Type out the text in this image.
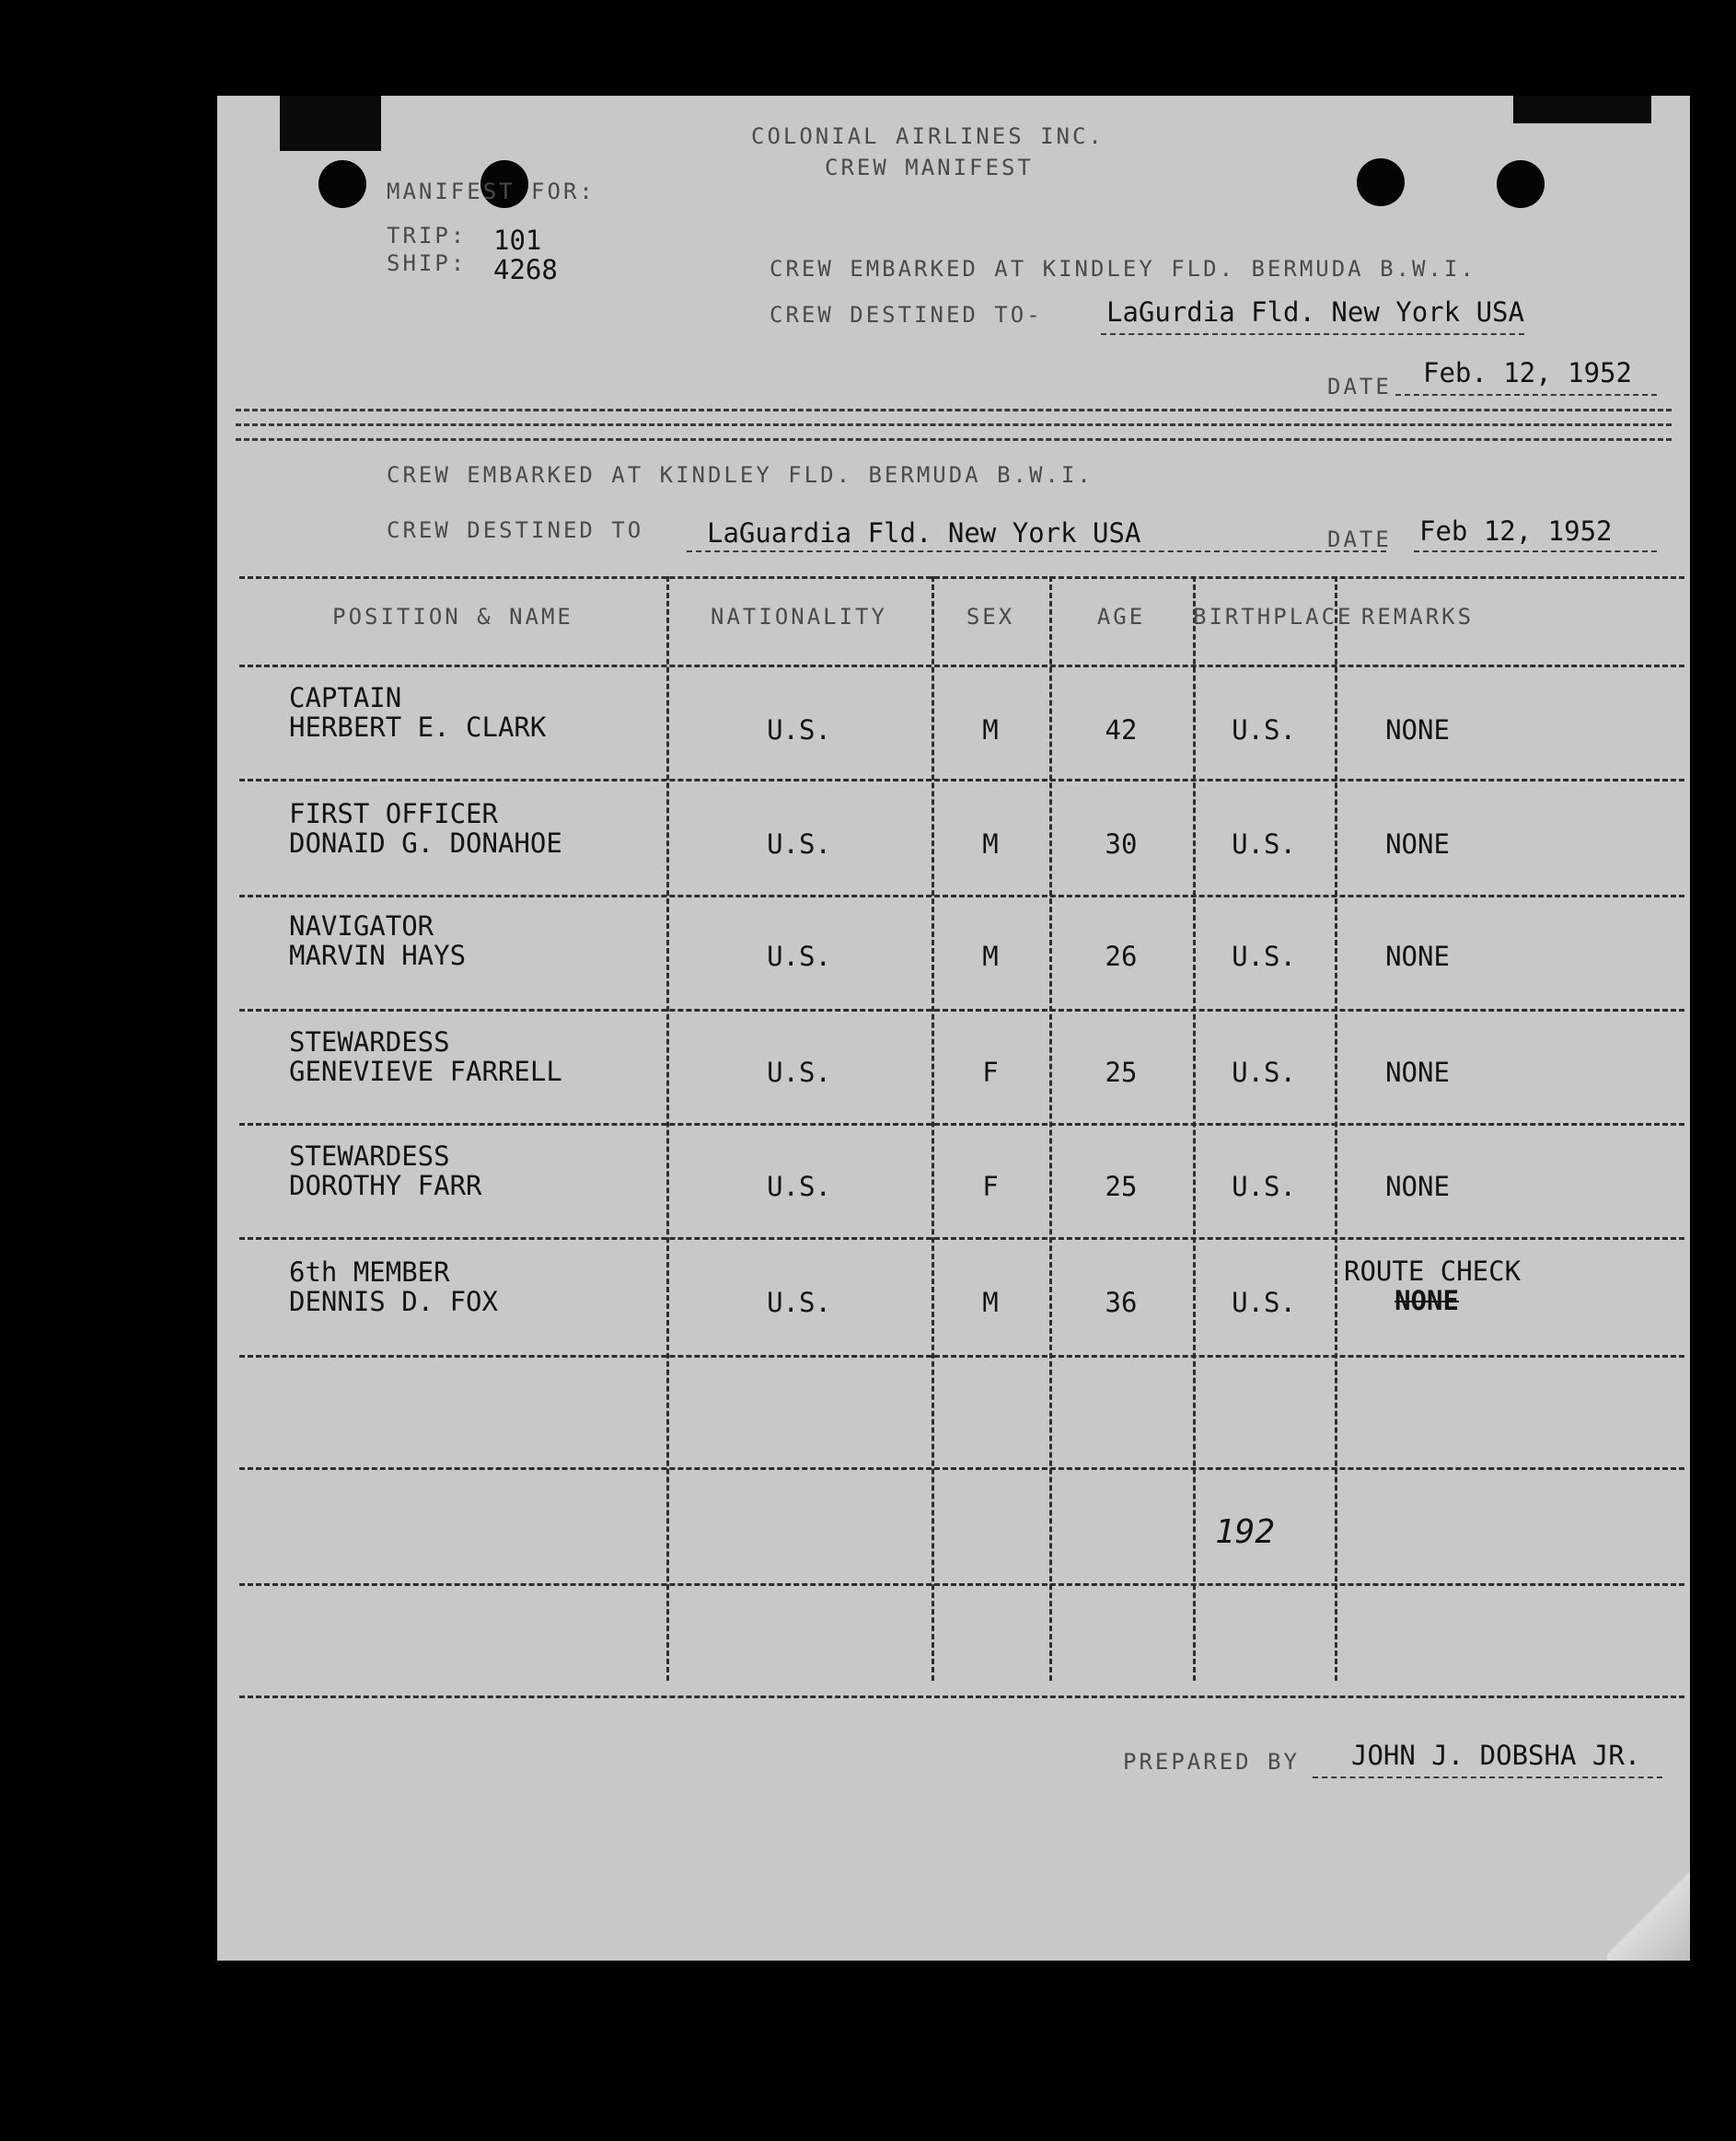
COLONIAL AIRLINES INC.
CREW MANIFEST
MANIFEST FOR:
TRIP: 101
SHIP: 4268	CREW EMBARKED AT KINDLEY FLD. BERMUDA B.W.I.
CREW DESTINED TO- LaGurdia Fld. New York USA
DATE Feb. 12, 1952
CREW EMBARKED AT KINDLEY FLD. BERMUDA B.W.I.
CREW DESTINED TO LaGuardia Fld. New York USA	DATE Feb 12, 1952
POSITION & NAME	NATIONALITY	SEX	AGE	BIRTHPLACE REMARKS
CAPTAIN
HERBERT E. CLARK	U.S.	M	42	U.S.	NONE
FIRST OFFICER
DONAID G. DONAHOE	U.S.	M	30	U.S.	NONE
NAVIGATOR
MARVIN HAYS	U.S.	M	26	U.S.	NONE
STEWARDESS
GENEVIEVE FARRELL	U.S.	F	25	U.S.	NONE
STEWARDESS
DOROTHY FARR	U.S.	F	25	U.S.	NONE
6th MEMBER
DENNIS D. FOX	U.S.	M	36	U.S.
ROUTE CHECK
NONE
192
PREPARED BY JOHN J. DOBSHA JR.
